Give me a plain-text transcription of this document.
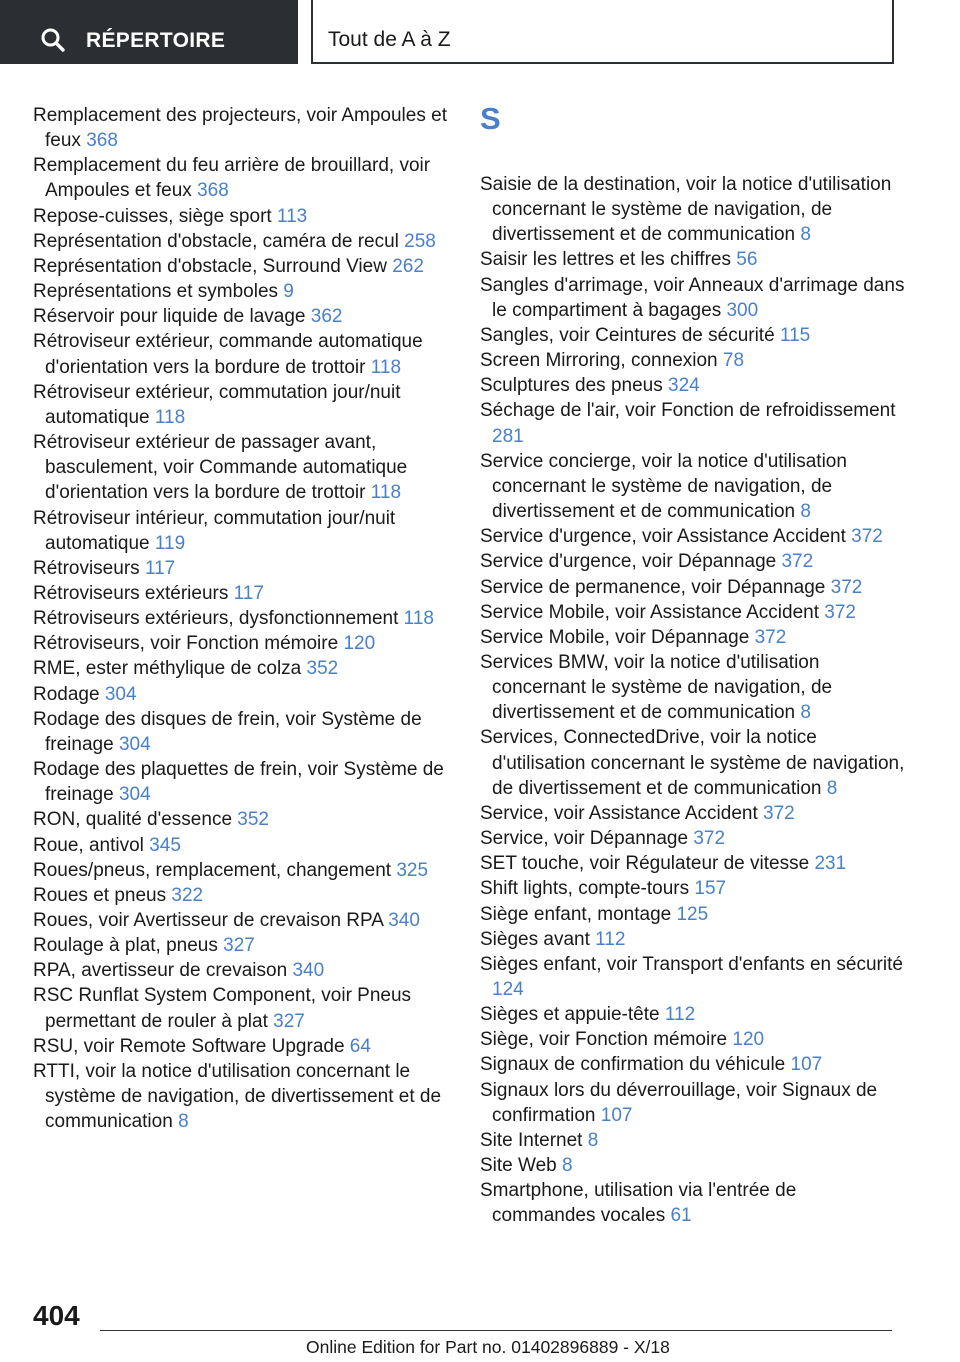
RÉPERTOIRE	Tout de A à Z
Remplacement des projecteurs, voir Ampoules et feux 368
Remplacement du feu arrière de brouillard, voir Ampoules et feux 368
Repose-cuisses, siège sport 113
Représentation d'obstacle, caméra de recul 258
Représentation d'obstacle, Surround View 262
Représentations et symboles 9
Réservoir pour liquide de lavage 362
Rétroviseur extérieur, commande automatique d'orientation vers la bordure de trottoir 118
Rétroviseur extérieur, commutation jour/nuit automatique 118
Rétroviseur extérieur de passager avant, basculement, voir Commande automatique d'orientation vers la bordure de trottoir 118
Rétroviseur intérieur, commutation jour/nuit automatique 119
Rétroviseurs 117
Rétroviseurs extérieurs 117
Rétroviseurs extérieurs, dysfonctionnement 118
Rétroviseurs, voir Fonction mémoire 120
RME, ester méthylique de colza 352
Rodage 304
Rodage des disques de frein, voir Système de freinage 304
Rodage des plaquettes de frein, voir Système de freinage 304
RON, qualité d'essence 352
Roue, antivol 345
Roues/pneus, remplacement, changement 325
Roues et pneus 322
Roues, voir Avertisseur de crevaison RPA 340
Roulage à plat, pneus 327
RPA, avertisseur de crevaison 340
RSC Runflat System Component, voir Pneus permettant de rouler à plat 327
RSU, voir Remote Software Upgrade 64
RTTI, voir la notice d'utilisation concernant le système de navigation, de divertissement et de communication 8
S
Saisie de la destination, voir la notice d'utilisation concernant le système de navigation, de divertissement et de communication 8
Saisir les lettres et les chiffres 56
Sangles d'arrimage, voir Anneaux d'arrimage dans le compartiment à bagages 300
Sangles, voir Ceintures de sécurité 115
Screen Mirroring, connexion 78
Sculptures des pneus 324
Séchage de l'air, voir Fonction de refroidissement 281
Service concierge, voir la notice d'utilisation concernant le système de navigation, de divertissement et de communication 8
Service d'urgence, voir Assistance Accident 372
Service d'urgence, voir Dépannage 372
Service de permanence, voir Dépannage 372
Service Mobile, voir Assistance Accident 372
Service Mobile, voir Dépannage 372
Services BMW, voir la notice d'utilisation concernant le système de navigation, de divertissement et de communication 8
Services, ConnectedDrive, voir la notice d'utilisation concernant le système de navigation, de divertissement et de communication 8
Service, voir Assistance Accident 372
Service, voir Dépannage 372
SET touche, voir Régulateur de vitesse 231
Shift lights, compte-tours 157
Siège enfant, montage 125
Sièges avant 112
Sièges enfant, voir Transport d'enfants en sécurité 124
Sièges et appuie-tête 112
Siège, voir Fonction mémoire 120
Signaux de confirmation du véhicule 107
Signaux lors du déverrouillage, voir Signaux de confirmation 107
Site Internet 8
Site Web 8
Smartphone, utilisation via l'entrée de commandes vocales 61
404
Online Edition for Part no. 01402896889 - X/18
